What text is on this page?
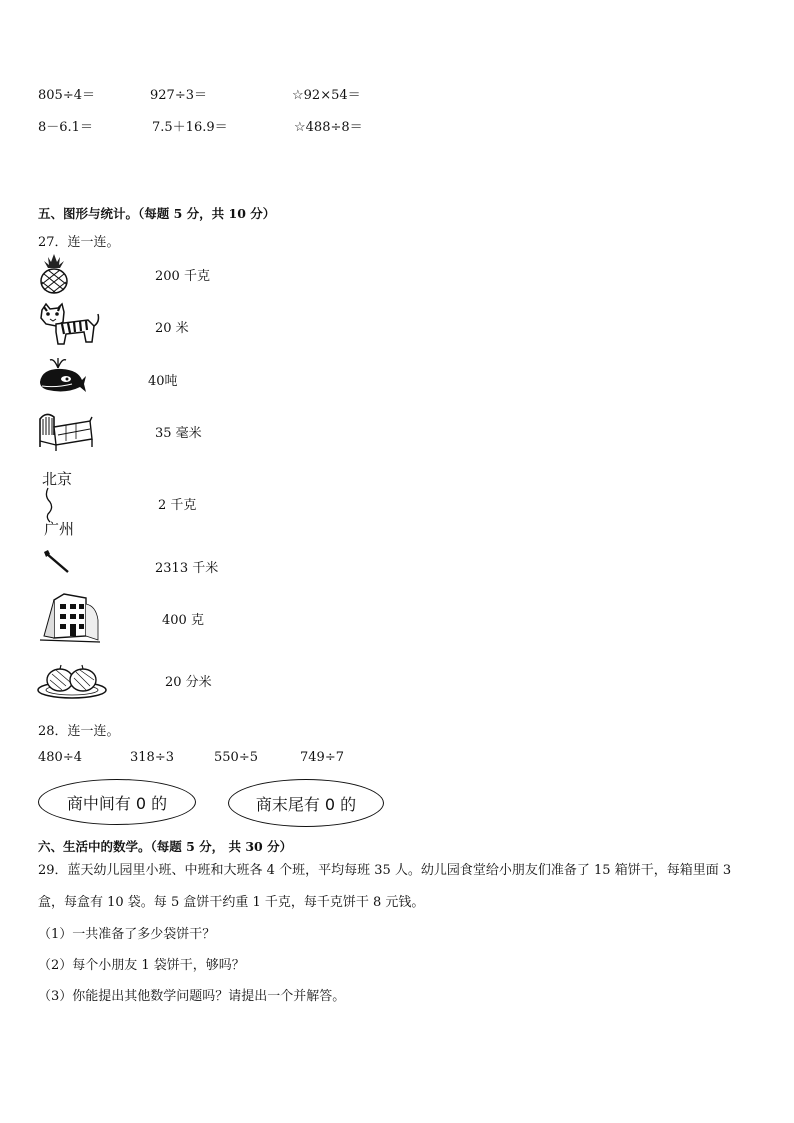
805÷4＝	927÷3＝	☆92×54＝
8－6.1＝	7.5＋16.9＝	☆488÷8＝
五、图形与统计。（每题 5 分，共 10 分）
27．连一连。
200 千克
20 米
40吨
35 毫米
北京
广州
2 千克
2313 千米
400 克
20 分米
28．连一连。
480÷4	318÷3	550÷5	749÷7
商中间有 0 的	商末尾有 0 的
六、生活中的数学。（每题 5 分， 共 30 分）
29．蓝天幼儿园里小班、中班和大班各 4 个班，平均每班 35 人。幼儿园食堂给小朋友们准备了 15 箱饼干，每箱里面 3
盒，每盒有 10 袋。每 5 盒饼干约重 1 千克，每千克饼干 8 元钱。
（1）一共准备了多少袋饼干？
（2）每个小朋友 1 袋饼干，够吗？
（3）你能提出其他数学问题吗？请提出一个并解答。
